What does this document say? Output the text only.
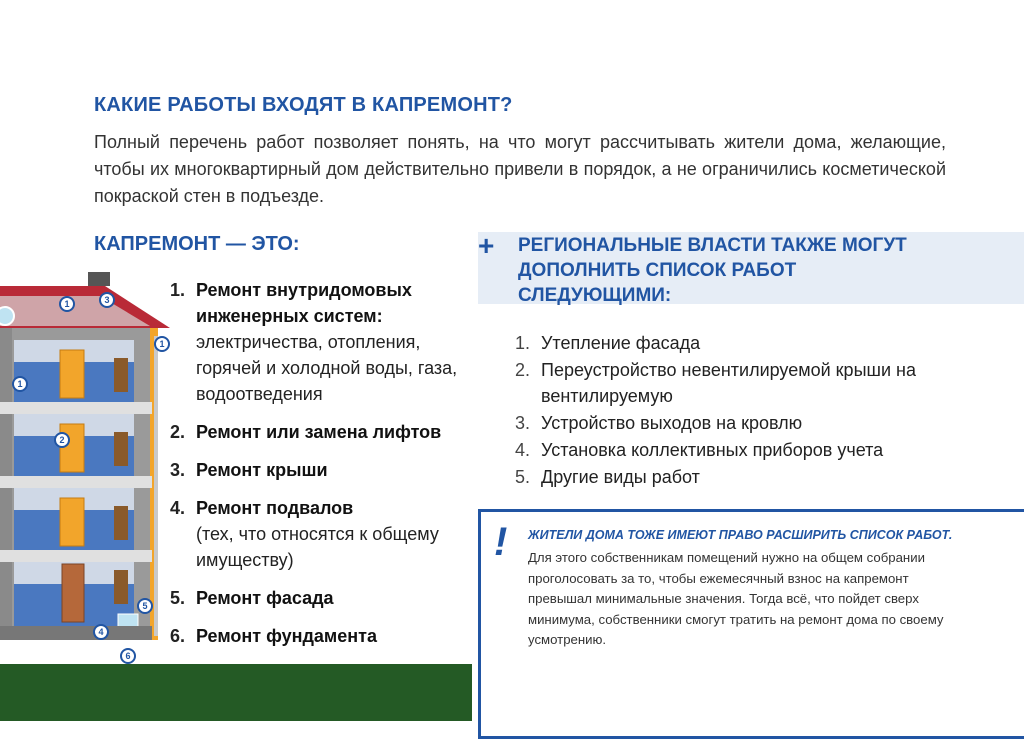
КАКИЕ РАБОТЫ ВХОДЯТ В КАПРЕМОНТ?
Полный перечень работ позволяет понять, на что могут рассчитывать жители дома, желающие, чтобы их многоквартирный дом действительно привели в порядок, а не ограничились косметической покраской стен в подъезде.
КАПРЕМОНТ — ЭТО:
1	3
1
1
2
5
4
6
1. Ремонт внутридомовых инженерных систем:
электричества, отопления, горячей и холодной воды, газа, водоотведения
2. Ремонт или замена лифтов
3. Ремонт крыши
4. Ремонт подвалов
(тех, что относятся к общему имуществу)
5. Ремонт фасада
6. Ремонт фундамента
+ РЕГИОНАЛЬНЫЕ ВЛАСТИ ТАКЖЕ МОГУТ ДОПОЛНИТЬ СПИСОК РАБОТ СЛЕДУЮЩИМИ:
1. Утепление фасада
2. Переустройство невентилируемой крыши на вентилируемую
3. Устройство выходов на кровлю
4. Установка коллективных приборов учета
5. Другие виды работ
! ЖИТЕЛИ ДОМА ТОЖЕ ИМЕЮТ ПРАВО РАСШИРИТЬ СПИСОК РАБОТ.
Для этого собственникам помещений нужно на общем собрании проголосовать за то, чтобы ежемесячный взнос на капремонт превышал минимальные значения. Тогда всё, что пойдет сверх минимума, собственники смогут тратить на ремонт дома по своему усмотрению.
